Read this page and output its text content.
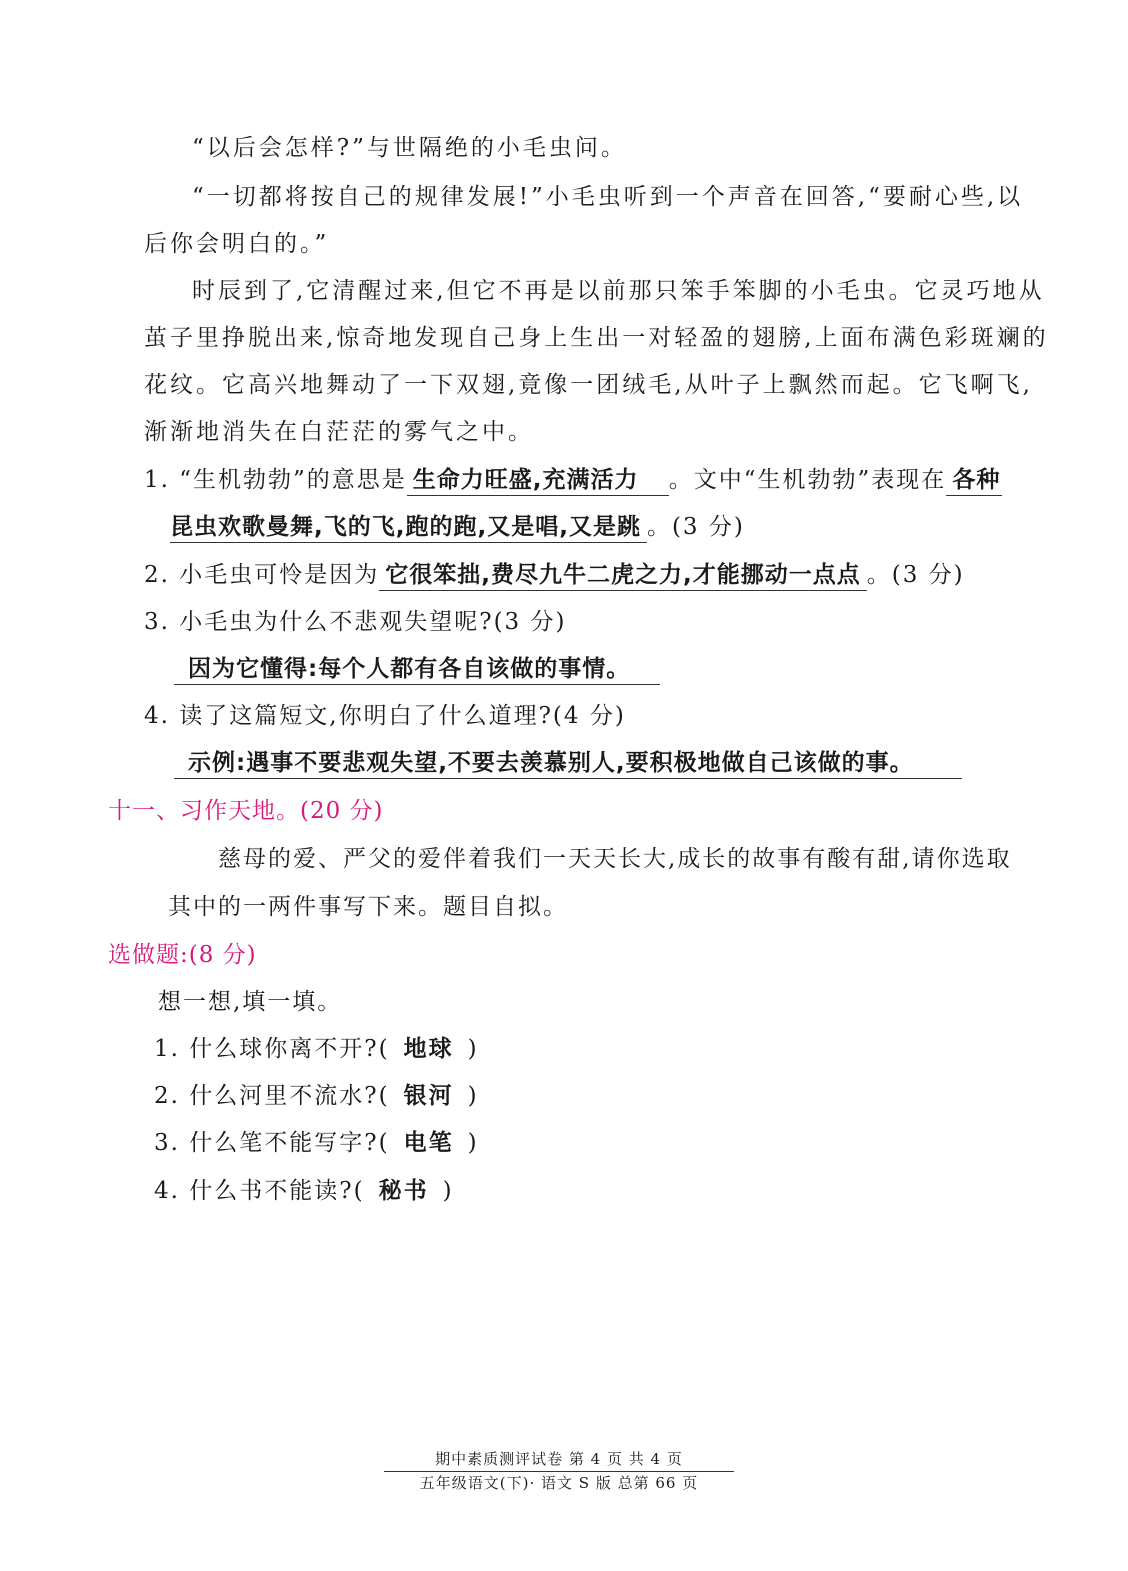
“以后会怎样?”与世隔绝的小毛虫问。
“一切都将按自己的规律发展!”小毛虫听到一个声音在回答,“要耐心些,以
后你会明白的。”
时辰到了,它清醒过来,但它不再是以前那只笨手笨脚的小毛虫。它灵巧地从
茧子里挣脱出来,惊奇地发现自己身上生出一对轻盈的翅膀,上面布满色彩斑斓的
花纹。它高兴地舞动了一下双翅,竟像一团绒毛,从叶子上飘然而起。它飞啊飞,
渐渐地消失在白茫茫的雾气之中。
1. “生机勃勃”的意思是 生命力旺盛,充满活力 。文中“生机勃勃”表现在 各种
昆虫欢歌曼舞,飞的飞,跑的跑,又是唱,又是跳 。(3 分)
2. 小毛虫可怜是因为 它很笨拙,费尽九牛二虎之力,才能挪动一点点 。(3 分)
3. 小毛虫为什么不悲观失望呢?(3 分)
因为它懂得:每个人都有各自该做的事情。
4. 读了这篇短文,你明白了什么道理?(4 分)
示例:遇事不要悲观失望,不要去羡慕别人,要积极地做自己该做的事。
十一、习作天地。(20 分)
慈母的爱、严父的爱伴着我们一天天长大,成长的故事有酸有甜,请你选取
其中的一两件事写下来。题目自拟。
选做题:(8 分)
想一想,填一填。
1. 什么球你离不开?( 地球 )
2. 什么河里不流水?( 银河 )
3. 什么笔不能写字?( 电笔 )
4. 什么书不能读?( 秘书 )
期中素质测评试卷 第 4 页 共 4 页
五年级语文(下)· 语文 S 版 总第 66 页
